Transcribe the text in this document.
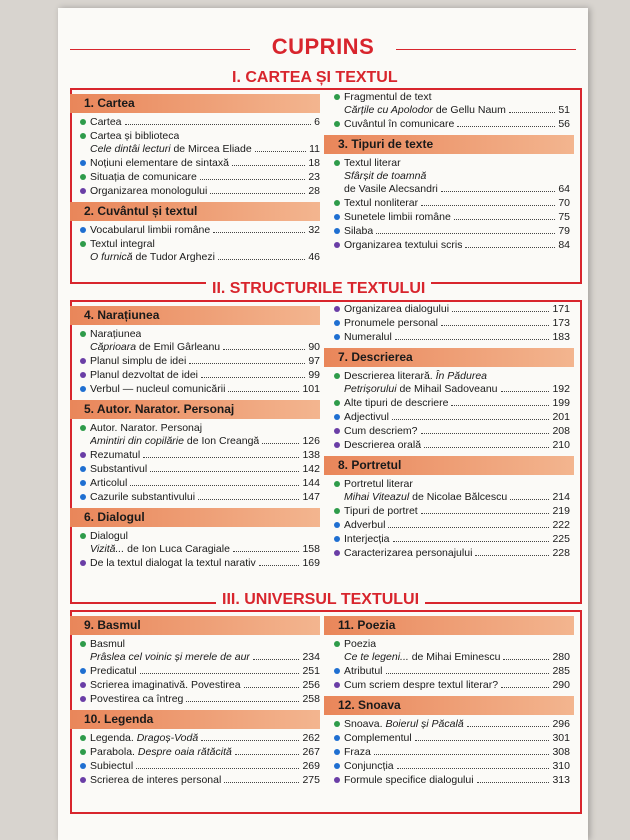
CUPRINS
1. Cartea
Cartea	6
Cartea și biblioteca
Cele dintâi lecturi de Mircea Eliade	11
Noțiuni elementare de sintaxă	18
Situația de comunicare	23
Organizarea monologului	28
2. Cuvântul și textul
Vocabularul limbii române	32
Textul integral
O furnică de Tudor Arghezi	46
Fragmentul de text
Cărțile cu Apolodor de Gellu Naum	51
Cuvântul în comunicare	56
3. Tipuri de texte
Textul literar
Sfârșit de toamnă
de Vasile Alecsandri	64
Textul nonliterar	70
Sunetele limbii române	75
Silaba	79
Organizarea textului scris	84
I. CARTEA ȘI TEXTUL
4. Narațiunea
Narațiunea
Căprioara de Emil Gârleanu	90
Planul simplu de idei	97
Planul dezvoltat de idei	99
Verbul — nucleul comunicării	101
5. Autor. Narator. Personaj
Autor. Narator. Personaj
Amintiri din copilărie de Ion Creangă	126
Rezumatul	138
Substantivul	142
Articolul	144
Cazurile substantivului	147
6. Dialogul
Dialogul
Vizită... de Ion Luca Caragiale	158
De la textul dialogat la textul narativ	169
Organizarea dialogului	171
Pronumele personal	173
Numeralul	183
7. Descrierea
Descrierea literară. În Pădurea
Petrișorului de Mihail Sadoveanu	192
Alte tipuri de descriere	199
Adjectivul	201
Cum descriem?	208
Descrierea orală	210
8. Portretul
Portretul literar
Mihai Viteazul de Nicolae Bălcescu	214
Tipuri de portret	219
Adverbul	222
Interjecția	225
Caracterizarea personajului	228
II. STRUCTURILE TEXTULUI
9. Basmul
Basmul
Prâslea cel voinic și merele de aur	234
Predicatul	251
Scrierea imaginativă. Povestirea	256
Povestirea ca întreg	258
10. Legenda
Legenda. Dragoș-Vodă	262
Parabola. Despre oaia rătăcită	267
Subiectul	269
Scrierea de interes personal	275
11. Poezia
Poezia
Ce te legeni... de Mihai Eminescu	280
Atributul	285
Cum scriem despre textul literar?	290
12. Snoava
Snoava. Boierul și Păcală	296
Complementul	301
Fraza	308
Conjuncția	310
Formule specifice dialogului	313
III. UNIVERSUL TEXTULUI
